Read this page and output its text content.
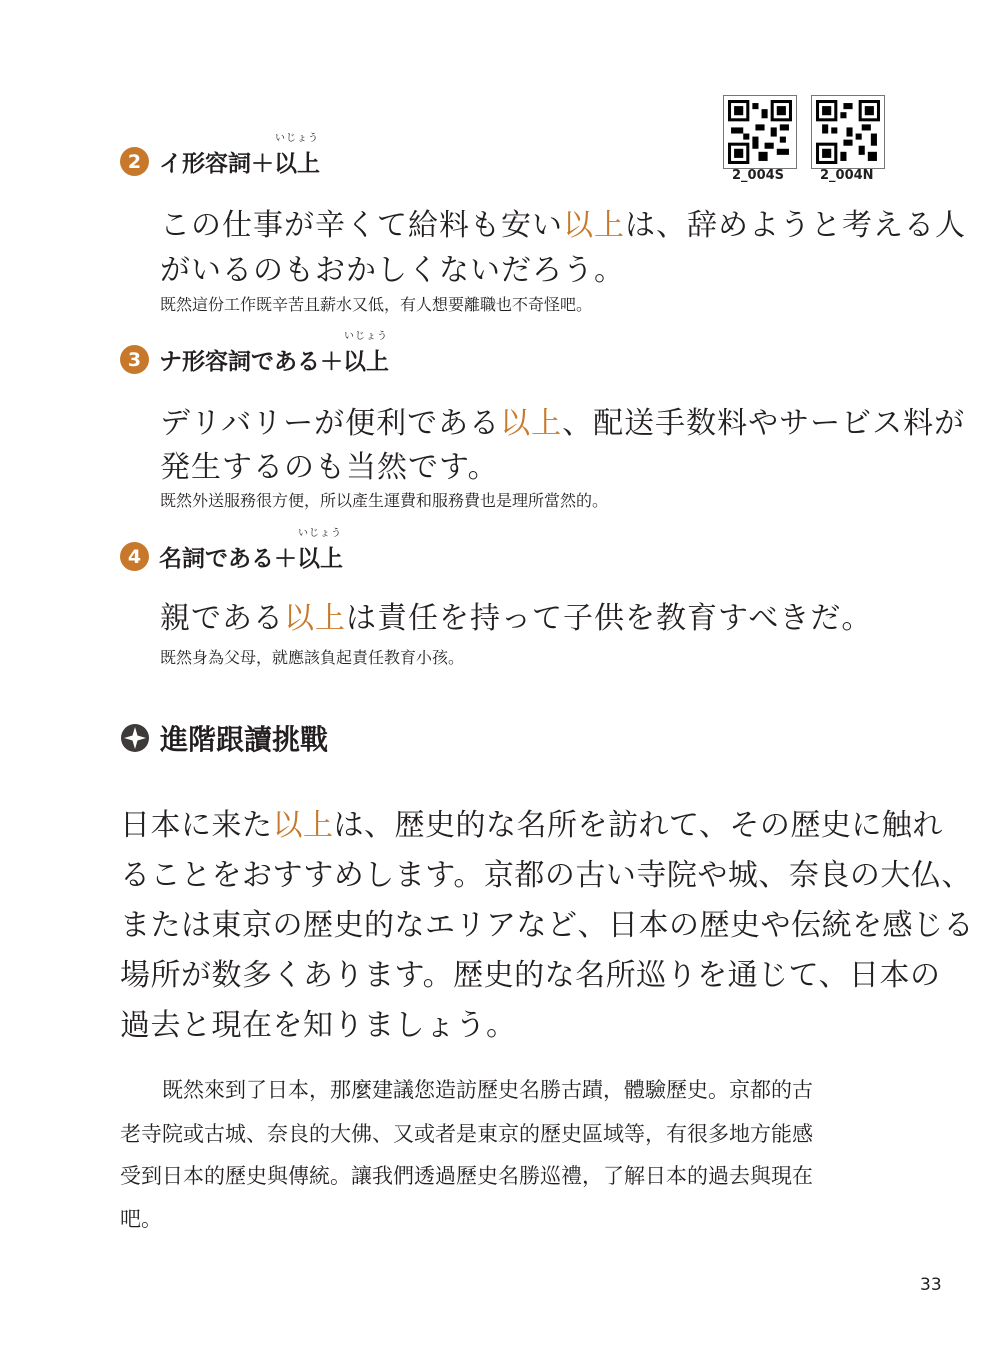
2_004S	2_004N
2 イ形容詞＋
いじょう
以上
この仕事が辛くて給料も安い以上は、辞めようと考える人
がいるのもおかしくないだろう。
既然這份工作既辛苦且薪水又低，有人想要離職也不奇怪吧。
3 ナ形容詞である＋
いじょう
以上
デリバリーが便利である以上、配送手数料やサービス料が
発生するのも当然です。
既然外送服務很方便，所以產生運費和服務費也是理所當然的。
4 名詞である＋
いじょう
以上
親である以上は責任を持って子供を教育すべきだ。
既然身為父母，就應該負起責任教育小孩。
進階跟讀挑戰
日本に来た以上は、歴史的な名所を訪れて、その歴史に触れ
ることをおすすめします。京都の古い寺院や城、奈良の大仏、
または東京の歴史的なエリアなど、日本の歴史や伝統を感じる
場所が数多くあります。歴史的な名所巡りを通じて、日本の
過去と現在を知りましょう。
既然來到了日本，那麼建議您造訪歷史名勝古蹟，體驗歷史。京都的古
老寺院或古城、奈良的大佛、又或者是東京的歷史區域等，有很多地方能感
受到日本的歷史與傳統。讓我們透過歷史名勝巡禮，了解日本的過去與現在
吧。
33
